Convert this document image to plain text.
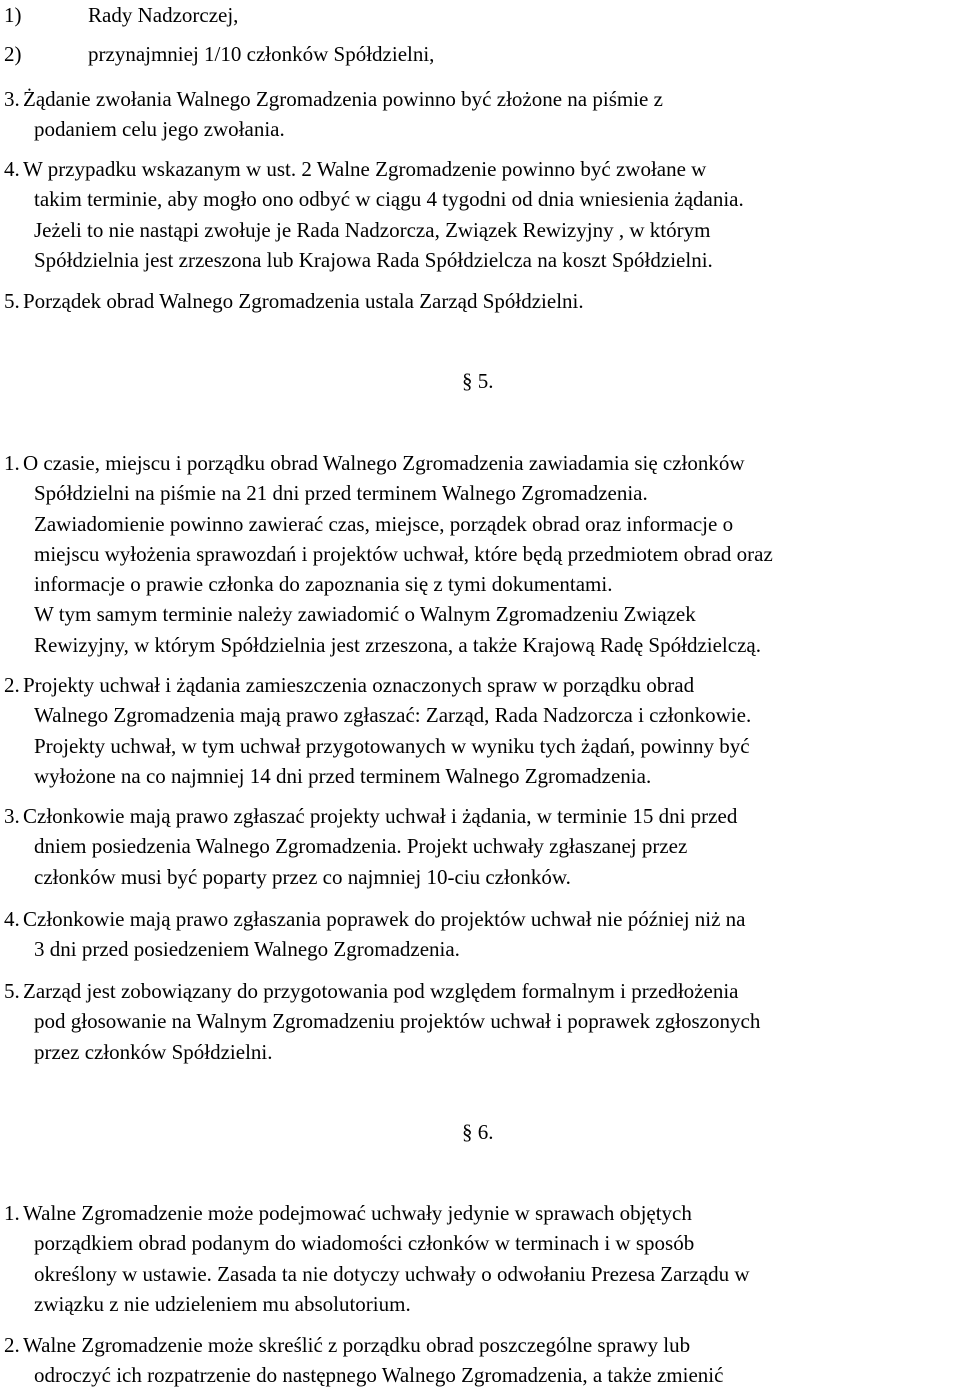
1)	Rady Nadzorczej,
2)	przynajmniej 1/10 członków Spółdzielni,
3. Żądanie zwołania Walnego Zgromadzenia powinno być złożone na piśmie z
podaniem celu jego zwołania.
4. W przypadku wskazanym w ust. 2 Walne Zgromadzenie powinno być zwołane w
takim terminie, aby mogło ono odbyć w ciągu 4 tygodni od dnia wniesienia żądania.
Jeżeli to nie nastąpi zwołuje je Rada Nadzorcza, Związek Rewizyjny , w którym
Spółdzielnia jest zrzeszona lub Krajowa Rada Spółdzielcza na koszt Spółdzielni.
5. Porządek obrad Walnego Zgromadzenia ustala Zarząd Spółdzielni.
§ 5.
1. O czasie, miejscu i porządku obrad Walnego Zgromadzenia zawiadamia się członków
Spółdzielni na piśmie na 21 dni przed terminem Walnego Zgromadzenia.
Zawiadomienie powinno zawierać czas, miejsce, porządek obrad oraz informacje o
miejscu wyłożenia sprawozdań i projektów uchwał, które będą przedmiotem obrad oraz
informacje o prawie członka do zapoznania się z tymi dokumentami.
W tym samym terminie należy zawiadomić o Walnym Zgromadzeniu Związek
Rewizyjny, w którym Spółdzielnia jest zrzeszona, a także Krajową Radę Spółdzielczą.
2. Projekty uchwał i żądania zamieszczenia oznaczonych spraw w porządku obrad
Walnego Zgromadzenia mają prawo zgłaszać: Zarząd, Rada Nadzorcza i członkowie.
Projekty uchwał, w tym uchwał przygotowanych w wyniku tych żądań, powinny być
wyłożone na co najmniej 14 dni przed terminem Walnego Zgromadzenia.
3. Członkowie mają prawo zgłaszać projekty uchwał i żądania, w terminie 15 dni przed
dniem posiedzenia Walnego Zgromadzenia. Projekt uchwały zgłaszanej przez
członków musi być poparty przez co najmniej 10-ciu członków.
4. Członkowie mają prawo zgłaszania poprawek do projektów uchwał nie później niż na
3 dni przed posiedzeniem Walnego Zgromadzenia.
5. Zarząd jest zobowiązany do przygotowania pod względem formalnym i przedłożenia
pod głosowanie na Walnym Zgromadzeniu projektów uchwał i poprawek zgłoszonych
przez członków Spółdzielni.
§ 6.
1. Walne Zgromadzenie może podejmować uchwały jedynie w sprawach objętych
porządkiem obrad podanym do wiadomości członków w terminach i w sposób
określony w ustawie. Zasada ta nie dotyczy uchwały o odwołaniu Prezesa Zarządu w
związku z nie udzieleniem mu absolutorium.
2. Walne Zgromadzenie może skreślić z porządku obrad poszczególne sprawy lub
odroczyć ich rozpatrzenie do następnego Walnego Zgromadzenia, a także zmienić
